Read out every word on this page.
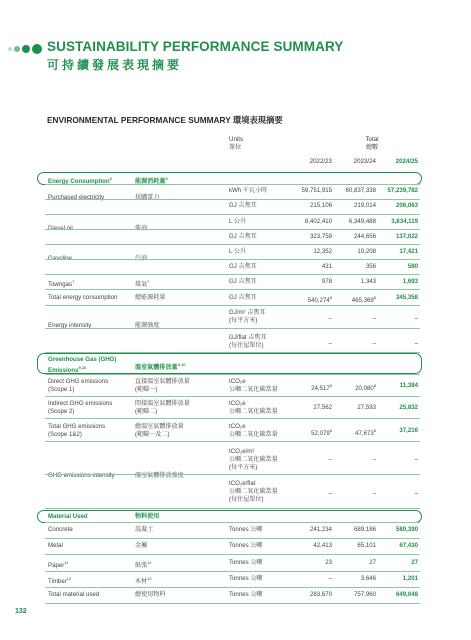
SUSTAINABILITY PERFORMANCE SUMMARY
可持續發展表現摘要
ENVIRONMENTAL PERFORMANCE SUMMARY 環境表現摘要
Units
單位
Total
總數
2022/23	2023/24	2024/25
Energy Consumption$^6$	能源消耗量$^6$
Purchased electricity	採購電力
kWh 千瓦小時	59,751,915	60,837,338	57,239,782
GJ 吉焦耳	215,106	219,014	206,063
Diesel oil	柴油
L 公升	8,402,410	6,349,488	3,834,119
GJ 吉焦耳	323,759	244,656	137,022
Gasoline	汽油
L 公升	12,352	10,208	17,421
GJ 吉焦耳	431	356	580
Towngas$^7$	煤氣$^7$	GJ 吉焦耳	978	1,343	1,693
Total energy consumption	總能源耗量	GJ 吉焦耳	540,274$^8$	465,369$^8$	345,358
Energy intensity	能源強度
GJ/m² 吉焦耳
(每平方米)	–	–	–
GJ/flat 吉焦耳
(每住屋單位)	–	–	–
Greenhouse Gas (GHG) Emissions$^{9,10}$	溫室氣體排放量$^{9,10}$
Direct GHG emissions
(Scope 1)
直接溫室氣體排放量
(範疇一)
tCO₂e
公噸二氧化碳當量	24,517$^8$	20,080$^8$	11,384
Indirect GHG emissions
(Scope 2)
間接溫室氣體排放量
(範疇二)
tCO₂e
公噸二氧化碳當量
27,562	27,593	25,832
Total GHG emissions
(Scope 1&2)
總溫室氣體排放量
(範疇一及二)
tCO₂e
公噸二氧化碳當量	52,079$^8$	47,673$^8$	37,216
GHG emissions intensity	溫室氣體排放強度
tCO₂e/m²
公噸二氧化碳當量
(每平方米)
–	–	–
tCO₂e/flat
公噸二氧化碳當量
(每住屋單位)
–	–	–
Material Used	物料使用
Concrete	混凝土	Tonnes 公噸	241,234	689,186	580,390
Metal	金屬	Tonnes 公噸	42,413	65,101	67,430
Paper$^{11}$	紙張$^{11}$	Tonnes 公噸	23	27	27
Timber$^{12}$	木材$^{12}$	Tonnes 公噸	–	3,646	1,201
Total material used	總使用物料	Tonnes 公噸	283,670	757,960	649,048
132
